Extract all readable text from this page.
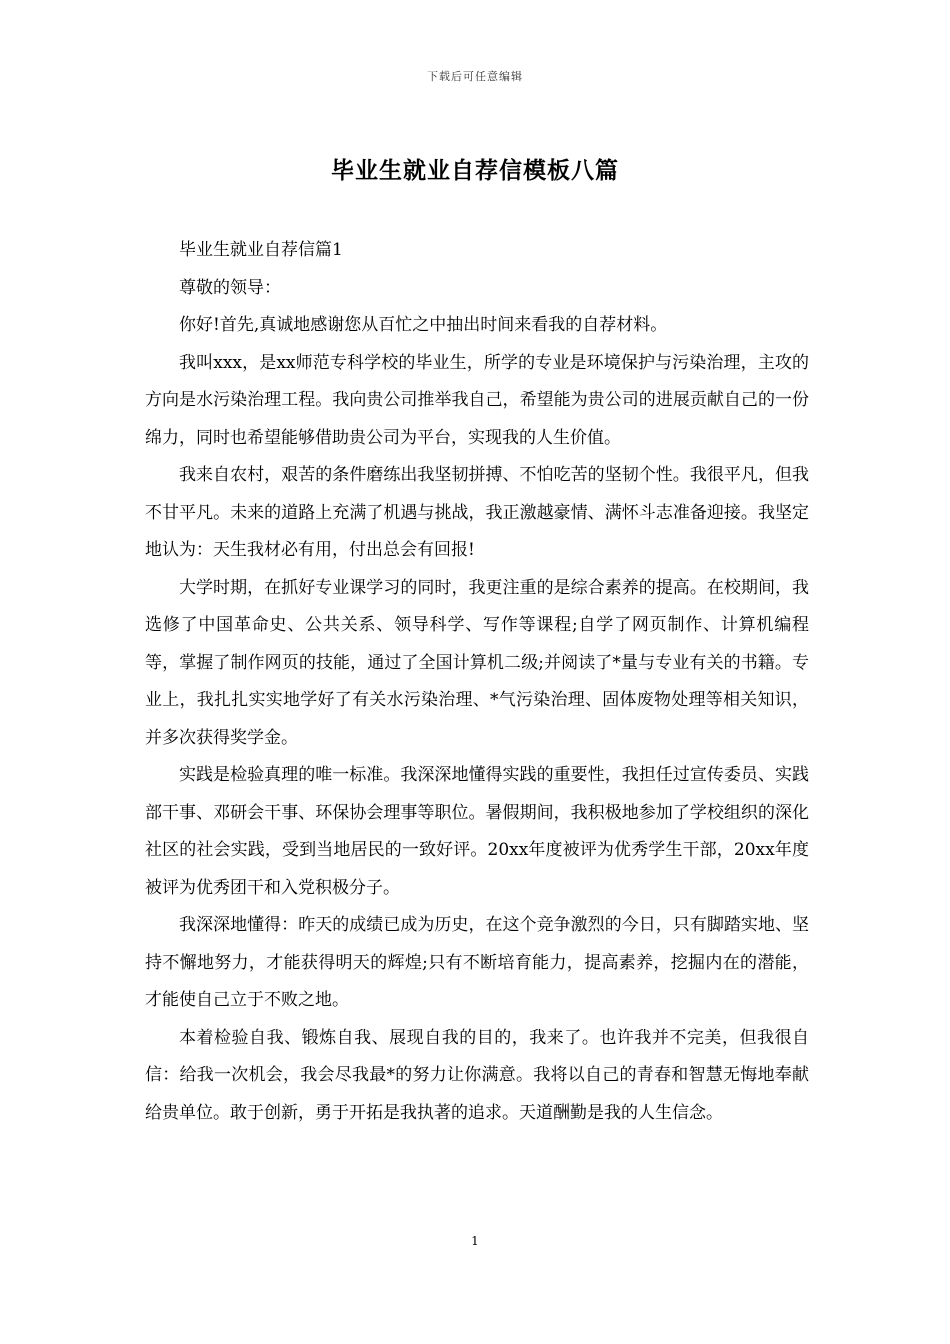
下载后可任意编辑
毕业生就业自荐信模板八篇

毕业生就业自荐信篇1

尊敬的领导：

你好!首先,真诚地感谢您从百忙之中抽出时间来看我的自荐材料。

我叫xxx，是xx师范专科学校的毕业生，所学的专业是环境保护与污染治理，主攻的方向是水污染治理工程。我向贵公司推举我自己，希望能为贵公司的进展贡献自己的一份绵力，同时也希望能够借助贵公司为平台，实现我的人生价值。

我来自农村，艰苦的条件磨练出我坚韧拼搏、不怕吃苦的坚韧个性。我很平凡，但我不甘平凡。未来的道路上充满了机遇与挑战，我正激越豪情、满怀斗志准备迎接。我坚定地认为：天生我材必有用，付出总会有回报!

大学时期，在抓好专业课学习的同时，我更注重的是综合素养的提高。在校期间，我选修了中国革命史、公共关系、领导科学、写作等课程;自学了网页制作、计算机编程等，掌握了制作网页的技能，通过了全国计算机二级;并阅读了*量与专业有关的书籍。专业上，我扎扎实实地学好了有关水污染治理、*气污染治理、固体废物处理等相关知识，并多次获得奖学金。

实践是检验真理的唯一标准。我深深地懂得实践的重要性，我担任过宣传委员、实践部干事、邓研会干事、环保协会理事等职位。暑假期间，我积极地参加了学校组织的深化社区的社会实践，受到当地居民的一致好评。20xx年度被评为优秀学生干部，20xx年度被评为优秀团干和入党积极分子。

我深深地懂得：昨天的成绩已成为历史，在这个竞争激烈的今日，只有脚踏实地、坚持不懈地努力，才能获得明天的辉煌;只有不断培育能力，提高素养，挖掘内在的潜能，才能使自己立于不败之地。

本着检验自我、锻炼自我、展现自我的目的，我来了。也许我并不完美，但我很自信：给我一次机会，我会尽我最*的努力让你满意。我将以自己的青春和智慧无悔地奉献给贵单位。敢于创新，勇于开拓是我执著的追求。天道酬勤是我的人生信念。

1
